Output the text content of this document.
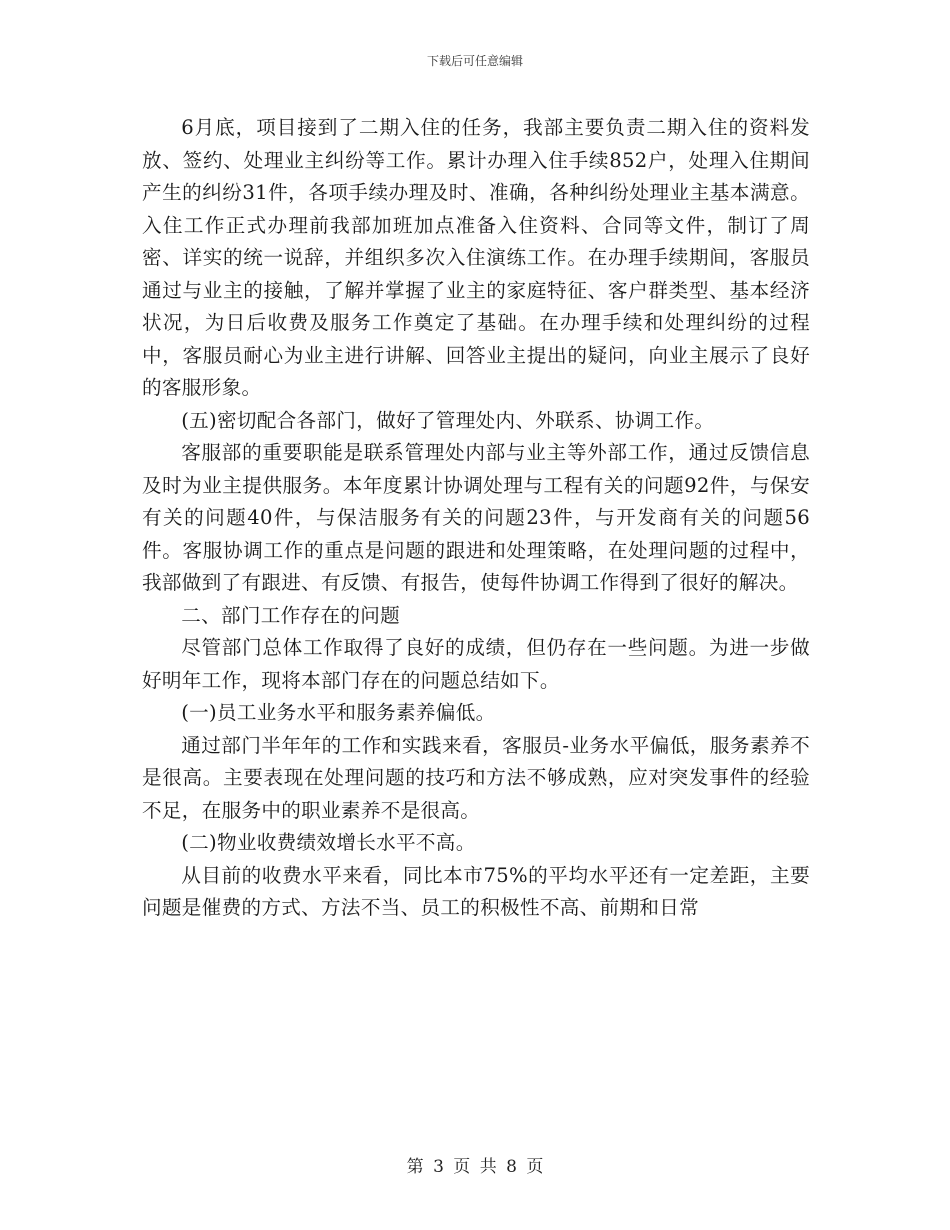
下载后可任意编辑

6月底，项目接到了二期入住的任务，我部主要负责二期入住的资料发放、签约、处理业主纠纷等工作。累计办理入住手续852户，处理入住期间产生的纠纷31件，各项手续办理及时、准确，各种纠纷处理业主基本满意。入住工作正式办理前我部加班加点准备入住资料、合同等文件，制订了周密、详实的统一说辞，并组织多次入住演练工作。在办理手续期间，客服员通过与业主的接触，了解并掌握了业主的家庭特征、客户群类型、基本经济状况，为日后收费及服务工作奠定了基础。在办理手续和处理纠纷的过程中，客服员耐心为业主进行讲解、回答业主提出的疑问，向业主展示了良好的客服形象。

(五)密切配合各部门，做好了管理处内、外联系、协调工作。

客服部的重要职能是联系管理处内部与业主等外部工作，通过反馈信息及时为业主提供服务。本年度累计协调处理与工程有关的问题92件，与保安有关的问题40件，与保洁服务有关的问题23件，与开发商有关的问题56件。客服协调工作的重点是问题的跟进和处理策略，在处理问题的过程中，我部做到了有跟进、有反馈、有报告，使每件协调工作得到了很好的解决。

二、部门工作存在的问题

尽管部门总体工作取得了良好的成绩，但仍存在一些问题。为进一步做好明年工作，现将本部门存在的问题总结如下。

(一)员工业务水平和服务素养偏低。

通过部门半年年的工作和实践来看，客服员-业务水平偏低，服务素养不是很高。主要表现在处理问题的技巧和方法不够成熟，应对突发事件的经验不足，在服务中的职业素养不是很高。

(二)物业收费绩效增长水平不高。

从目前的收费水平来看，同比本市75%的平均水平还有一定差距，主要问题是催费的方式、方法不当、员工的积极性不高、前期和日常

第 3 页 共 8 页
